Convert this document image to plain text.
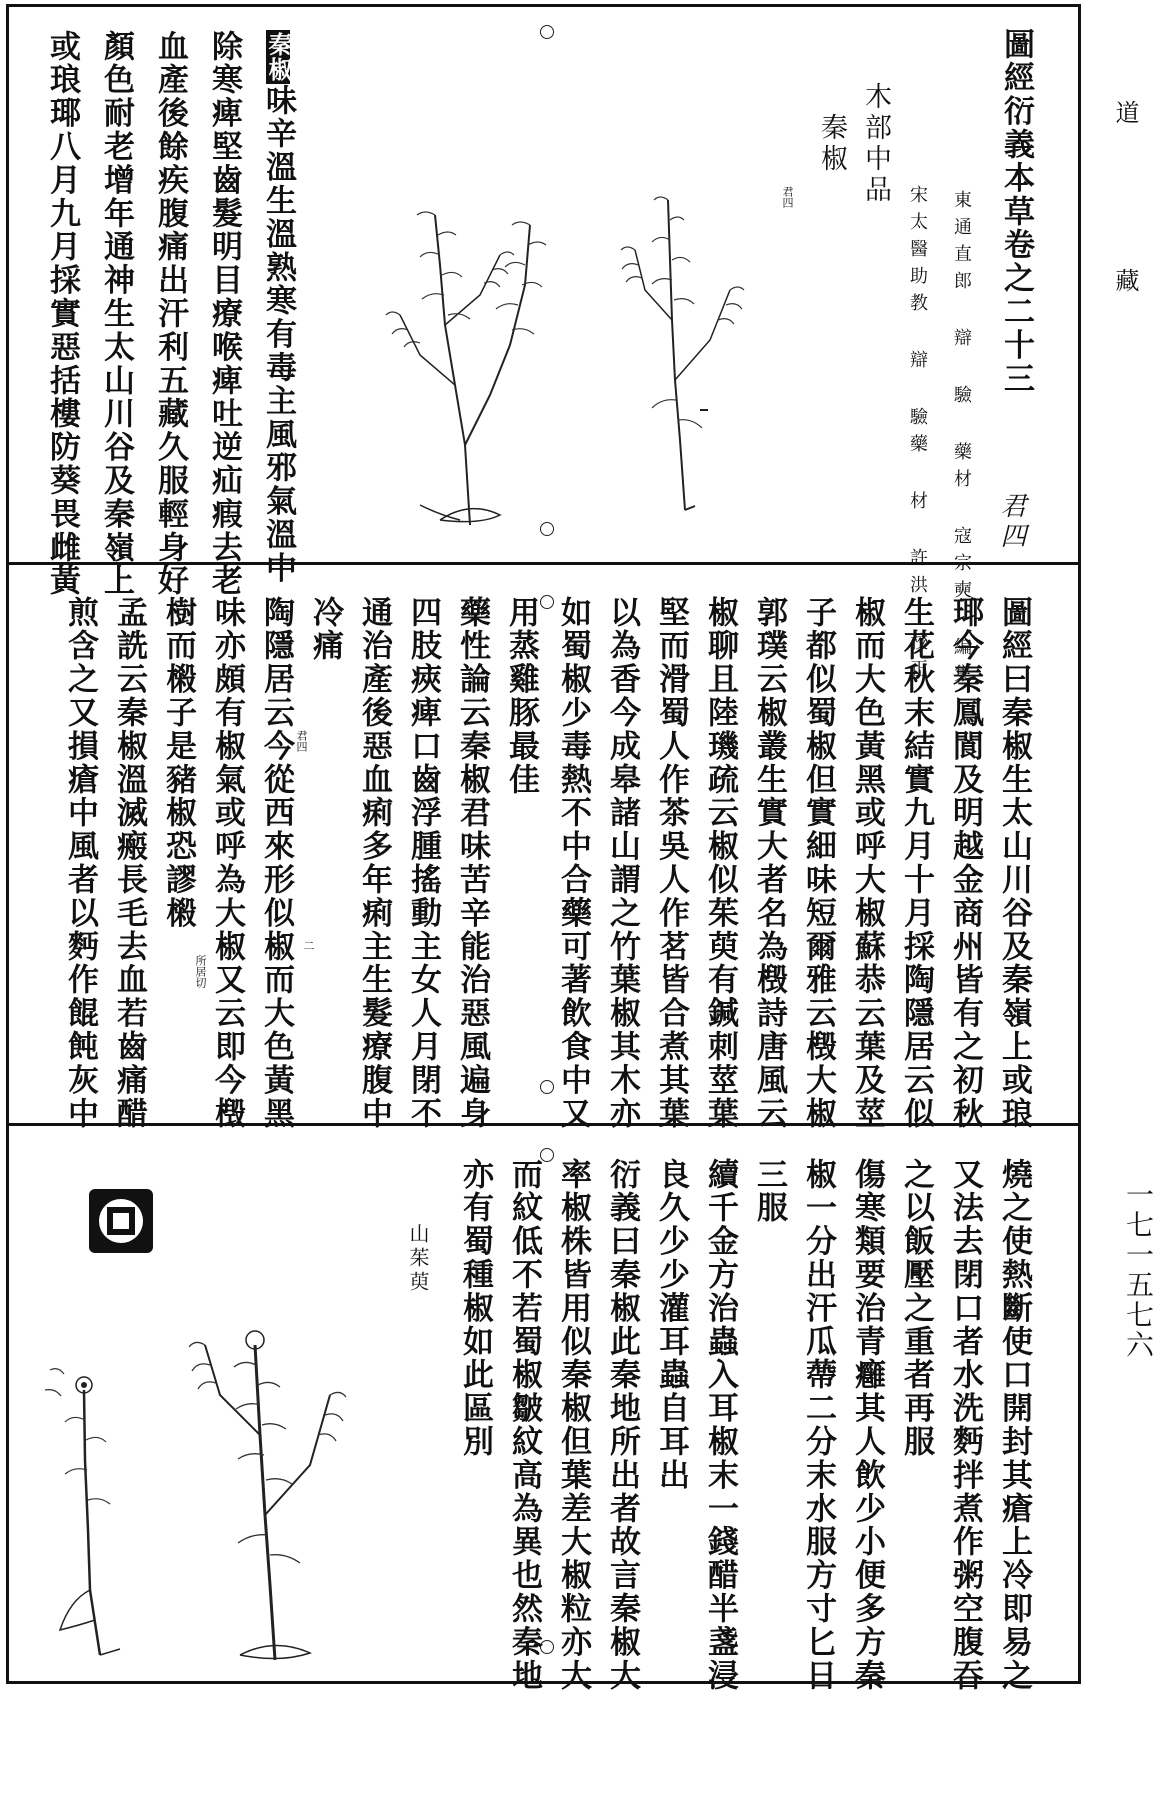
道
藏
一七一五七六
圖經衍義本草卷之二十三
東通直郎 辯 驗 藥材 寇宗奭 編集
宋太醫助教 辯 驗藥 材 許洪 校正	君四
木部中品
秦椒
君四
秦椒味辛溫生溫熟寒有毒主風邪氣溫中
除寒痺堅齒髮明目療喉痺吐逆疝瘕去老
血產後餘疾腹痛出汗利五藏久服輕身好
顏色耐老增年通神生太山川谷及秦嶺上
或琅瑘八月九月採實惡括樓防葵畏雌黃
圖經曰秦椒生太山川谷及秦嶺上或琅
瑘今秦鳳閬及明越金商州皆有之初秋
生花秋末結實九月十月採陶隱居云似
椒而大色黃黑或呼大椒蘇恭云葉及莖
子都似蜀椒但實細味短爾雅云檓大椒
郭璞云椒叢生實大者名為檓詩唐風云
椒聊且陸璣疏云椒似茱萸有鍼刺莖葉
堅而滑蜀人作茶吳人作茗皆合煮其葉
以為香今成皋諸山謂之竹葉椒其木亦
如蜀椒少毒熱不中合藥可著飲食中又
用蒸雞豚最佳
藥性論云秦椒君味苦辛能治惡風遍身
四肢㾜痺口齒浮腫搖動主女人月閉不
通治產後惡血痢多年痢主生髮療腹中
冷痛
陶隱居云今從西來形似椒而大色黃黑
味亦頗有椒氣或呼為大椒又云即今檓
樹而樧子是豬椒恐謬樧
孟詵云秦椒溫滅瘢長毛去血若齒痛醋
煎含之又損瘡中風者以麪作餛飩灰中	君四
所居切
二
燒之使熱斷使口開封其瘡上冷即易之
又法去閉口者水洗麪拌煮作粥空腹吞
之以飯壓之重者再服
傷寒類要治青癰其人飲少小便多方秦
椒一分出汗瓜蔕二分末水服方寸匕日
三服
續千金方治蟲入耳椒末一錢醋半盞浸
良久少少灌耳蟲自耳出
衍義曰秦椒此秦地所出者故言秦椒大
率椒株皆用似秦椒但葉差大椒粒亦大
而紋低不若蜀椒皺紋高為異也然秦地
亦有蜀種椒如此區別
山茱萸
